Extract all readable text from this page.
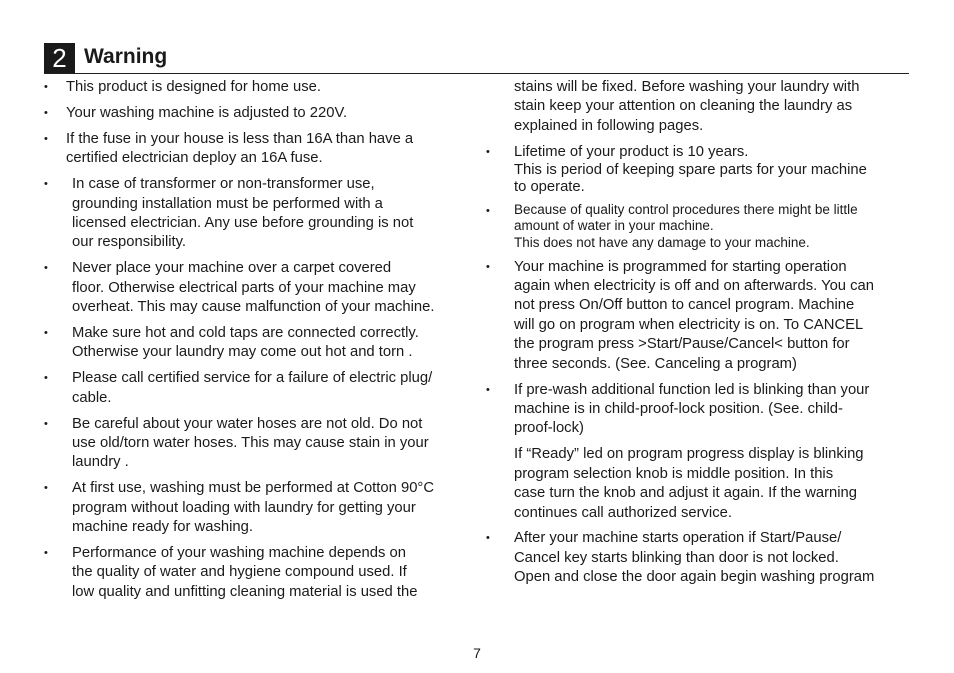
2 Warning
•	This product is designed for home use.
•	Your washing machine is adjusted to 220V.
•	If the fuse in your house is less than 16A than have a
certified electrician deploy an 16A fuse.
•	In case of transformer or non-transformer use,
grounding installation must be performed with a
licensed electrician. Any use before grounding is not
our responsibility.
•	Never place your machine over a carpet covered
floor. Otherwise electrical parts of your machine may
overheat. This may cause malfunction of your machine.
•	Make sure hot and cold taps are connected correctly.
Otherwise your laundry may come out hot and torn .
•	Please call certified service for a failure of electric plug/
cable.
•	Be careful about your water hoses are not old. Do not
use old/torn water hoses. This may cause stain in your
laundry .
•	At first use, washing must be performed at Cotton 90°C
program without loading with laundry for getting your
machine ready for washing.
•	Performance of your washing machine depends on
the quality of water and hygiene compound used. If
low quality and unfitting cleaning material is used the
stains will be fixed. Before washing your laundry with
stain keep your attention on cleaning the laundry as
explained in following pages.
•	Lifetime of your product is 10 years.
This is period of keeping spare parts for your machine
to operate.
•	Because of quality control procedures there might be little
amount of water in your machine.
This does not have any damage to your machine.
•	Your machine is programmed for starting operation
again when electricity is off and on afterwards. You can
not press On/Off button to cancel program. Machine
will go on program when electricity is on. To CANCEL
the program press >Start/Pause/Cancel< button for
three seconds. (See. Canceling a program)
•	If pre-wash additional function led is blinking than your
machine is in child-proof-lock position. (See. child-
proof-lock)
If “Ready” led on program progress display is blinking
program selection knob is middle position. In this
case turn the knob and adjust it again. If the warning
continues call authorized service.
•	After your machine starts operation if Start/Pause/
Cancel key starts blinking than door is not locked.
Open and close the door again begin washing program
7
